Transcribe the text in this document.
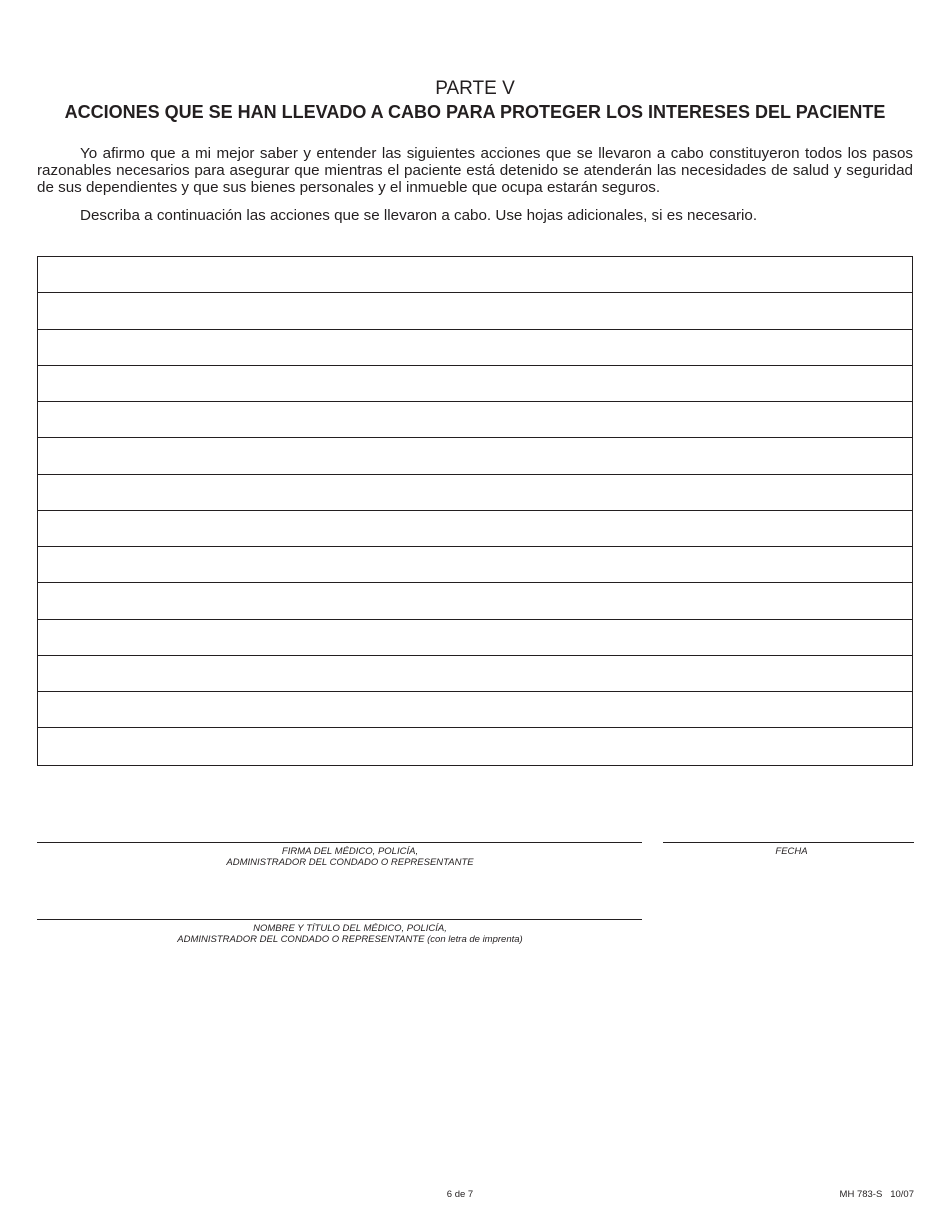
PARTE V
ACCIONES QUE SE HAN LLEVADO A CABO PARA PROTEGER LOS INTERESES DEL PACIENTE
Yo afirmo que a mi mejor saber y entender las siguientes acciones que se llevaron a cabo constituyeron todos los pasos razonables necesarios para asegurar que mientras el paciente está detenido se atenderán las necesidades de salud y seguridad de sus dependientes y que sus bienes personales y el inmueble que ocupa estarán seguros.
Describa a continuación las acciones que se llevaron a cabo. Use hojas adicionales, si es necesario.
FIRMA DEL MÉDICO, POLICÍA,
ADMINISTRADOR DEL CONDADO O REPRESENTANTE
FECHA
NOMBRE Y TÍTULO DEL MÉDICO, POLICÍA,
ADMINISTRADOR DEL CONDADO O REPRESENTANTE (con letra de imprenta)
6 de 7	MH 783-S   10/07
